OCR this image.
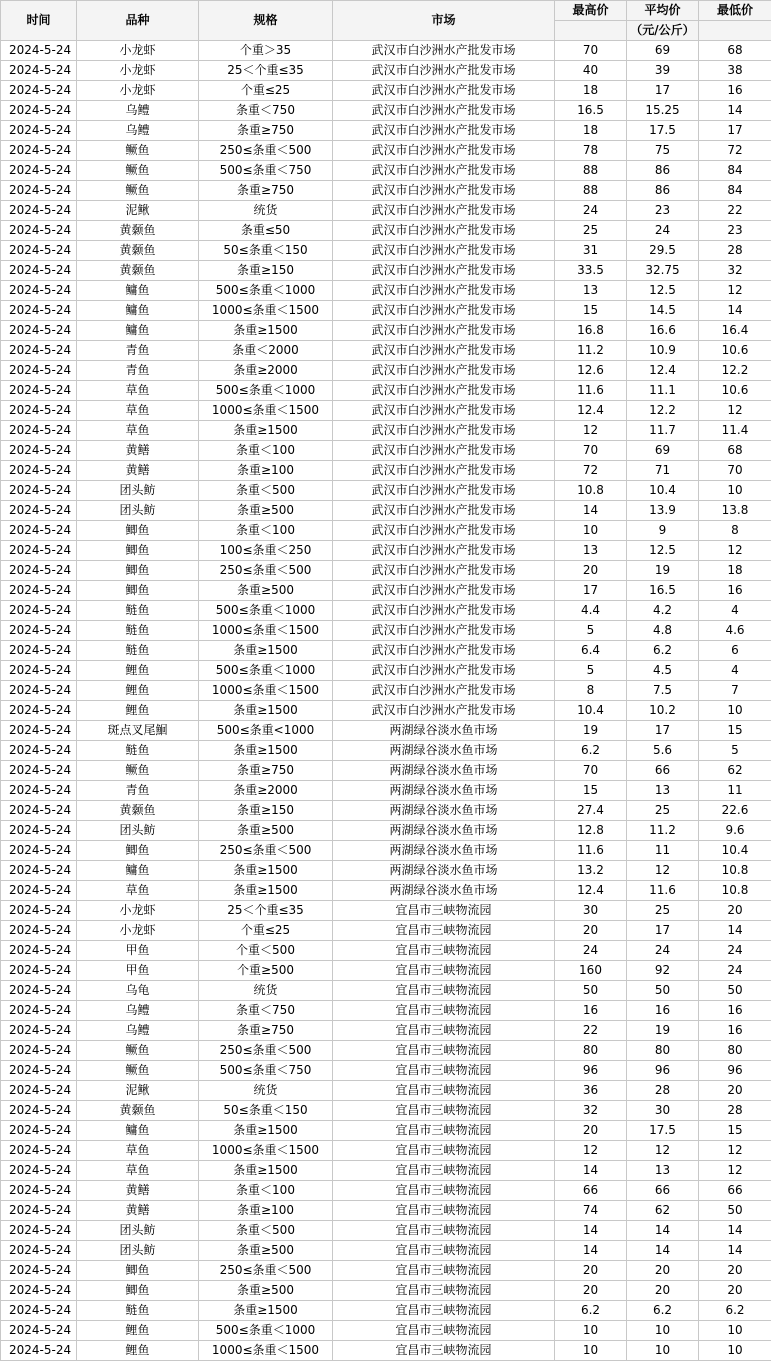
时间	品种	规格	市场	最高价	平均价	最低价
					（元/公斤）	
2024-5-24	小龙虾	个重＞35	武汉市白沙洲水产批发市场	70	69	68
2024-5-24	小龙虾	25＜个重≤35	武汉市白沙洲水产批发市场	40	39	38
2024-5-24	小龙虾	个重≤25	武汉市白沙洲水产批发市场	18	17	16
2024-5-24	乌鳢	条重＜750	武汉市白沙洲水产批发市场	16.5	15.25	14
2024-5-24	乌鳢	条重≥750	武汉市白沙洲水产批发市场	18	17.5	17
2024-5-24	鳜鱼	250≤条重＜500	武汉市白沙洲水产批发市场	78	75	72
2024-5-24	鳜鱼	500≤条重＜750	武汉市白沙洲水产批发市场	88	86	84
2024-5-24	鳜鱼	条重≥750	武汉市白沙洲水产批发市场	88	86	84
2024-5-24	泥鳅	统货	武汉市白沙洲水产批发市场	24	23	22
2024-5-24	黄颡鱼	条重≤50	武汉市白沙洲水产批发市场	25	24	23
2024-5-24	黄颡鱼	50≤条重＜150	武汉市白沙洲水产批发市场	31	29.5	28
2024-5-24	黄颡鱼	条重≥150	武汉市白沙洲水产批发市场	33.5	32.75	32
2024-5-24	鳙鱼	500≤条重＜1000	武汉市白沙洲水产批发市场	13	12.5	12
2024-5-24	鳙鱼	1000≤条重＜1500	武汉市白沙洲水产批发市场	15	14.5	14
2024-5-24	鳙鱼	条重≥1500	武汉市白沙洲水产批发市场	16.8	16.6	16.4
2024-5-24	青鱼	条重＜2000	武汉市白沙洲水产批发市场	11.2	10.9	10.6
2024-5-24	青鱼	条重≥2000	武汉市白沙洲水产批发市场	12.6	12.4	12.2
2024-5-24	草鱼	500≤条重＜1000	武汉市白沙洲水产批发市场	11.6	11.1	10.6
2024-5-24	草鱼	1000≤条重＜1500	武汉市白沙洲水产批发市场	12.4	12.2	12
2024-5-24	草鱼	条重≥1500	武汉市白沙洲水产批发市场	12	11.7	11.4
2024-5-24	黄鳝	条重＜100	武汉市白沙洲水产批发市场	70	69	68
2024-5-24	黄鳝	条重≥100	武汉市白沙洲水产批发市场	72	71	70
2024-5-24	团头鲂	条重＜500	武汉市白沙洲水产批发市场	10.8	10.4	10
2024-5-24	团头鲂	条重≥500	武汉市白沙洲水产批发市场	14	13.9	13.8
2024-5-24	鲫鱼	条重＜100	武汉市白沙洲水产批发市场	10	9	8
2024-5-24	鲫鱼	100≤条重＜250	武汉市白沙洲水产批发市场	13	12.5	12
2024-5-24	鲫鱼	250≤条重＜500	武汉市白沙洲水产批发市场	20	19	18
2024-5-24	鲫鱼	条重≥500	武汉市白沙洲水产批发市场	17	16.5	16
2024-5-24	鲢鱼	500≤条重＜1000	武汉市白沙洲水产批发市场	4.4	4.2	4
2024-5-24	鲢鱼	1000≤条重＜1500	武汉市白沙洲水产批发市场	5	4.8	4.6
2024-5-24	鲢鱼	条重≥1500	武汉市白沙洲水产批发市场	6.4	6.2	6
2024-5-24	鲤鱼	500≤条重＜1000	武汉市白沙洲水产批发市场	5	4.5	4
2024-5-24	鲤鱼	1000≤条重＜1500	武汉市白沙洲水产批发市场	8	7.5	7
2024-5-24	鲤鱼	条重≥1500	武汉市白沙洲水产批发市场	10.4	10.2	10
2024-5-24	斑点叉尾鮰	500≤条重<1000	两湖绿谷淡水鱼市场	19	17	15
2024-5-24	鲢鱼	条重≥1500	两湖绿谷淡水鱼市场	6.2	5.6	5
2024-5-24	鳜鱼	条重≥750	两湖绿谷淡水鱼市场	70	66	62
2024-5-24	青鱼	条重≥2000	两湖绿谷淡水鱼市场	15	13	11
2024-5-24	黄颡鱼	条重≥150	两湖绿谷淡水鱼市场	27.4	25	22.6
2024-5-24	团头鲂	条重≥500	两湖绿谷淡水鱼市场	12.8	11.2	9.6
2024-5-24	鲫鱼	250≤条重＜500	两湖绿谷淡水鱼市场	11.6	11	10.4
2024-5-24	鳙鱼	条重≥1500	两湖绿谷淡水鱼市场	13.2	12	10.8
2024-5-24	草鱼	条重≥1500	两湖绿谷淡水鱼市场	12.4	11.6	10.8
2024-5-24	小龙虾	25＜个重≤35	宜昌市三峡物流园	30	25	20
2024-5-24	小龙虾	个重≤25	宜昌市三峡物流园	20	17	14
2024-5-24	甲鱼	个重＜500	宜昌市三峡物流园	24	24	24
2024-5-24	甲鱼	个重≥500	宜昌市三峡物流园	160	92	24
2024-5-24	乌龟	统货	宜昌市三峡物流园	50	50	50
2024-5-24	乌鳢	条重＜750	宜昌市三峡物流园	16	16	16
2024-5-24	乌鳢	条重≥750	宜昌市三峡物流园	22	19	16
2024-5-24	鳜鱼	250≤条重＜500	宜昌市三峡物流园	80	80	80
2024-5-24	鳜鱼	500≤条重＜750	宜昌市三峡物流园	96	96	96
2024-5-24	泥鳅	统货	宜昌市三峡物流园	36	28	20
2024-5-24	黄颡鱼	50≤条重＜150	宜昌市三峡物流园	32	30	28
2024-5-24	鳙鱼	条重≥1500	宜昌市三峡物流园	20	17.5	15
2024-5-24	草鱼	1000≤条重＜1500	宜昌市三峡物流园	12	12	12
2024-5-24	草鱼	条重≥1500	宜昌市三峡物流园	14	13	12
2024-5-24	黄鳝	条重＜100	宜昌市三峡物流园	66	66	66
2024-5-24	黄鳝	条重≥100	宜昌市三峡物流园	74	62	50
2024-5-24	团头鲂	条重＜500	宜昌市三峡物流园	14	14	14
2024-5-24	团头鲂	条重≥500	宜昌市三峡物流园	14	14	14
2024-5-24	鲫鱼	250≤条重＜500	宜昌市三峡物流园	20	20	20
2024-5-24	鲫鱼	条重≥500	宜昌市三峡物流园	20	20	20
2024-5-24	鲢鱼	条重≥1500	宜昌市三峡物流园	6.2	6.2	6.2
2024-5-24	鲤鱼	500≤条重＜1000	宜昌市三峡物流园	10	10	10
2024-5-24	鲤鱼	1000≤条重＜1500	宜昌市三峡物流园	10	10	10
